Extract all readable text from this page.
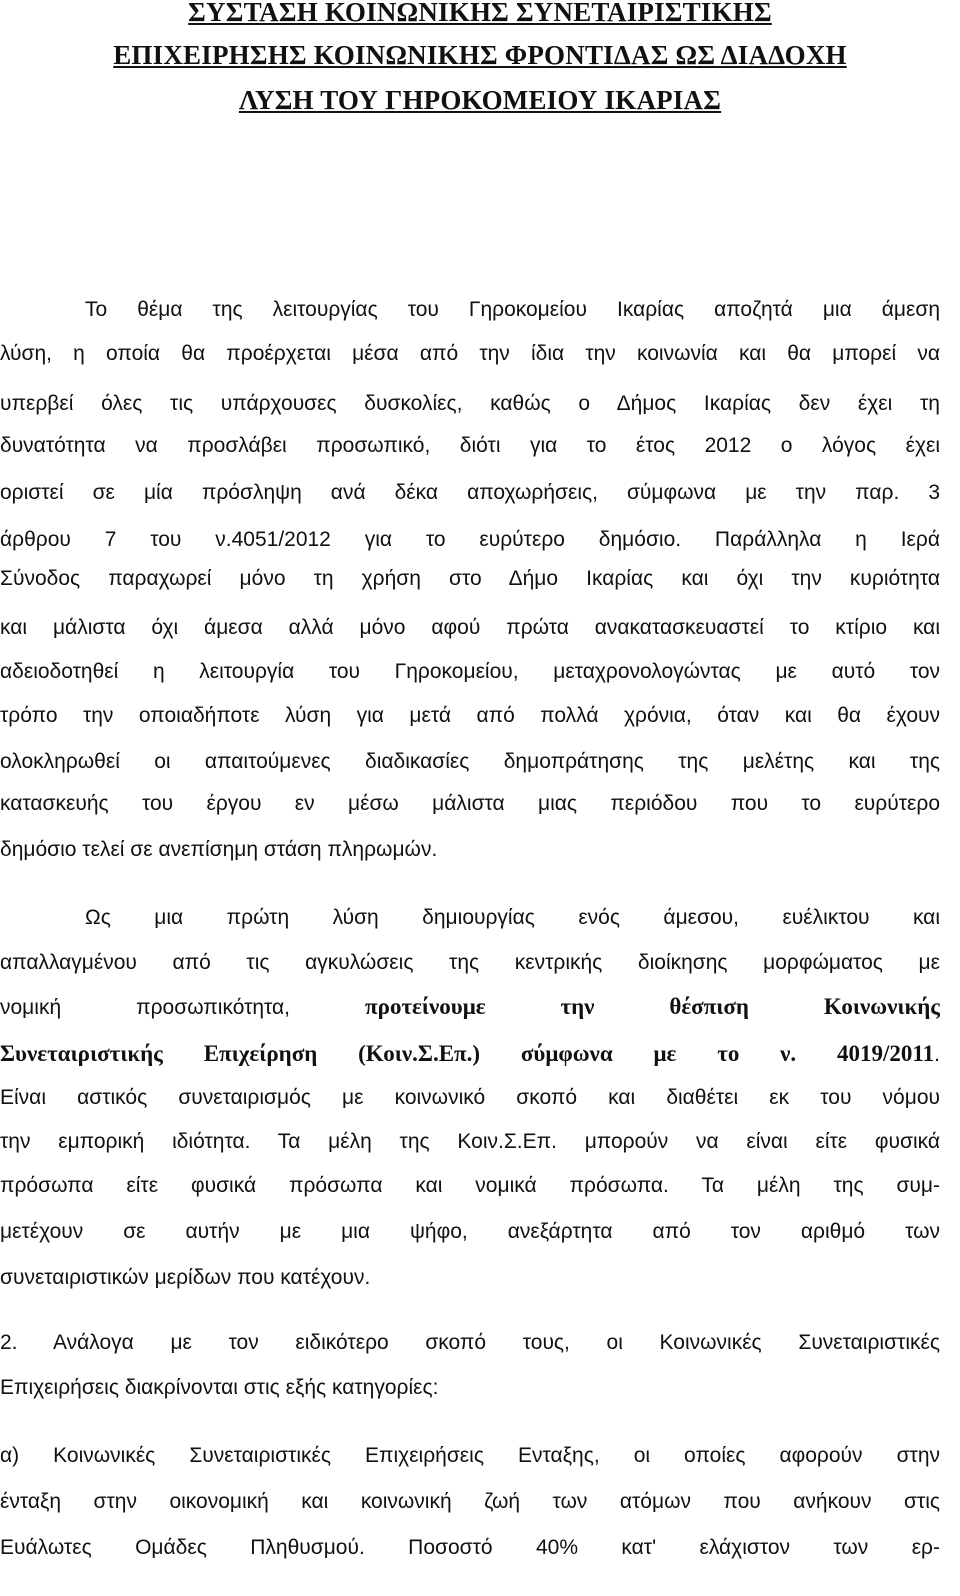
ΣΥΣΤΑΣΗ ΚΟΙΝΩΝΙΚΗΣ ΣΥΝΕΤΑΙΡΙΣΤΙΚΗΣ
ΕΠΙΧΕΙΡΗΣΗΣ ΚΟΙΝΩΝΙΚΗΣ ΦΡΟΝΤΙΔΑΣ ΩΣ ΔΙΑΔΟΧΗ
ΛΥΣΗ ΤΟΥ ΓΗΡΟΚΟΜΕΙΟΥ ΙΚΑΡΙΑΣ
Το θέμα της λειτουργίας του Γηροκομείου Ικαρίας αποζητά μια άμεση
λύση, η οποία θα προέρχεται μέσα από την ίδια την κοινωνία και θα μπορεί να
υπερβεί όλες τις υπάρχουσες δυσκολίες, καθώς ο Δήμος Ικαρίας δεν έχει τη
δυνατότητα να προσλάβει προσωπικό, διότι για το έτος 2012 ο λόγος έχει
οριστεί σε μία πρόσληψη ανά δέκα αποχωρήσεις, σύμφωνα με την παρ. 3
άρθρου 7 του ν.4051/2012 για το ευρύτερο δημόσιο. Παράλληλα η Ιερά
Σύνοδος παραχωρεί μόνο τη χρήση στο Δήμο Ικαρίας και όχι την κυριότητα
και μάλιστα όχι άμεσα αλλά μόνο αφού πρώτα ανακατασκευαστεί το κτίριο και
αδειοδοτηθεί η λειτουργία του Γηροκομείου, μεταχρονολογώντας με αυτό τον
τρόπο την οποιαδήποτε λύση για μετά από πολλά χρόνια, όταν και θα έχουν
ολοκληρωθεί οι απαιτούμενες διαδικασίες δημοπράτησης της μελέτης και της
κατασκευής του έργου εν μέσω μάλιστα μιας περιόδου που το ευρύτερο
δημόσιο τελεί σε ανεπίσημη στάση πληρωμών.
Ως μια πρώτη λύση δημιουργίας ενός άμεσου, ευέλικτου και
απαλλαγμένου από τις αγκυλώσεις της κεντρικής διοίκησης μορφώματος με
νομική προσωπικότητα,	προτείνουμε την θέσπιση Κοινωνικής
Συνεταιριστικής Επιχείρηση (Κοιν.Σ.Επ.) σύμφωνα με το ν. 4019/2011.
Είναι αστικός συνεταιρισμός με κοινωνικό σκοπό και διαθέτει εκ του νόμου
την εμπορική ιδιότητα. Τα μέλη της Κοιν.Σ.Επ. μπορούν να είναι είτε φυσικά
πρόσωπα είτε φυσικά πρόσωπα και νομικά πρόσωπα. Τα μέλη της συμ-
μετέχουν σε αυτήν με μια ψήφο, ανεξάρτητα από τον αριθμό των
συνεταιριστικών μερίδων που κατέχουν.
2. Ανάλογα με τον ειδικότερο σκοπό τους, οι Κοινωνικές Συνεταιριστικές
Επιχειρήσεις διακρίνονται στις εξής κατηγορίες:
α) Κοινωνικές Συνεταιριστικές Επιχειρήσεις Ενταξης, οι οποίες αφορούν στην
ένταξη στην οικονομική και κοινωνική ζωή των ατόμων που ανήκουν στις
Ευάλωτες Ομάδες Πληθυσμού. Ποσοστό 40% κατ' ελάχιστον των ερ-
